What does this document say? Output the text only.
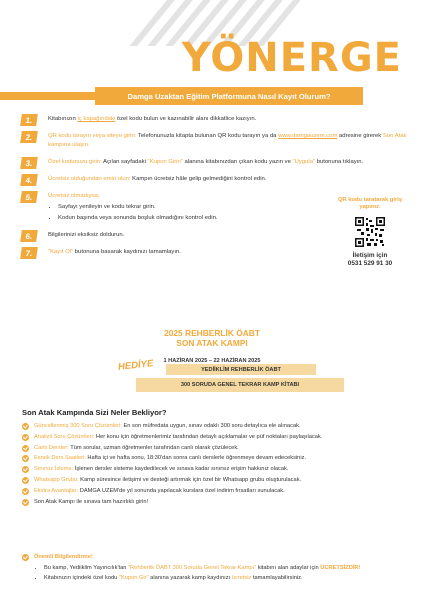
YÖNERGE
Damga Uzaktan Eğitim Platformuna Nasıl Kayıt Olurum?
1.	Kitabınızın iç kapağındaki özel kodu bulun ve kazınabilir alanı dikkatlice kazıyın.
2.	QR kodu tarayın veya siteye girin: Telefonunuzla kitapta bulunan QR kodu tarayın ya da www.damgauzem.com adresine girerek Son Atak kampına ulaşın.
3.	Özel kodunuzu girin: Açılan sayfadaki "Kupon Girin" alanına kitabınızdan çıkan kodu yazın ve "Uygula" butonuna tıklayın.
4.	Ücretsiz olduğundan emin olun: Kampın ücretsiz hâle gelip gelmediğini kontrol edin.
5.	Ücretsiz olmadıysa;
• Sayfayı yenileyin ve kodu tekrar girin.
• Kodun başında veya sonunda boşluk olmadığını kontrol edin.
6.	Bilgilerinizi eksiksiz doldurun.
7.	"Kayıt Ol" butonuna basarak kaydınızı tamamlayın.
QR kodu taratarak giriş yapınız.
İletişim için
0531 529 91 30
2025 REHBERLİK ÖABT
SON ATAK KAMPI
1 HAZİRAN 2025 – 22 HAZİRAN 2025
YEDİİKLİM REHBERLİK ÖABT
300 SORUDA GENEL TEKRAR KAMP KİTABI
HEDİYE
Son Atak Kampında Sizi Neler Bekliyor?
Güncellenmiş 300 Soru Çözümleri: En son müfredata uygun, sınav odaklı 300 soru detaylıca ele alınacak.
Analizli Soru Çözümleri: Her konu için öğretmenlerimiz tarafından detaylı açıklamalar ve püf noktaları paylaşılacak.
Canlı Dersler: Tüm sorular, uzman öğretmenler tarafından canlı olarak çözülecek.
Esnek Ders Saatleri: Hafta içi ve hafta sonu, 18:30'dan sonra canlı derslerle öğrenmeye devam edeceksiniz.
Sınırsız İzleme: İşlenen dersler sisteme kaydedilecek ve sınava kadar sınırsız erişim hakkınız olacak.
Whatsapp Grubu: Kamp süresince iletişimi ve desteği artırmak için özel bir Whatsapp grubu oluşturulacak.
Ekstra Avantajlar: DAMGA UZEM'de yıl sonunda yapılacak kurslara özel indirim fırsatları sunulacak.
Son Atak Kampı ile sınava tam hazırlıklı girin!
Önemli Bilgilendirme!
• Bu kamp, Yediiklim Yayıncılık'tan "Rehberlik ÖABT 300 Soruda Genel Tekrar Kampı" kitabını alan adaylar için ÜCRETSİZDİR!
• Kitabınızın içindeki özel kodu "Kupon Gir" alanına yazarak kamp kaydınızı ücretsiz tamamlayabilirsiniz.
